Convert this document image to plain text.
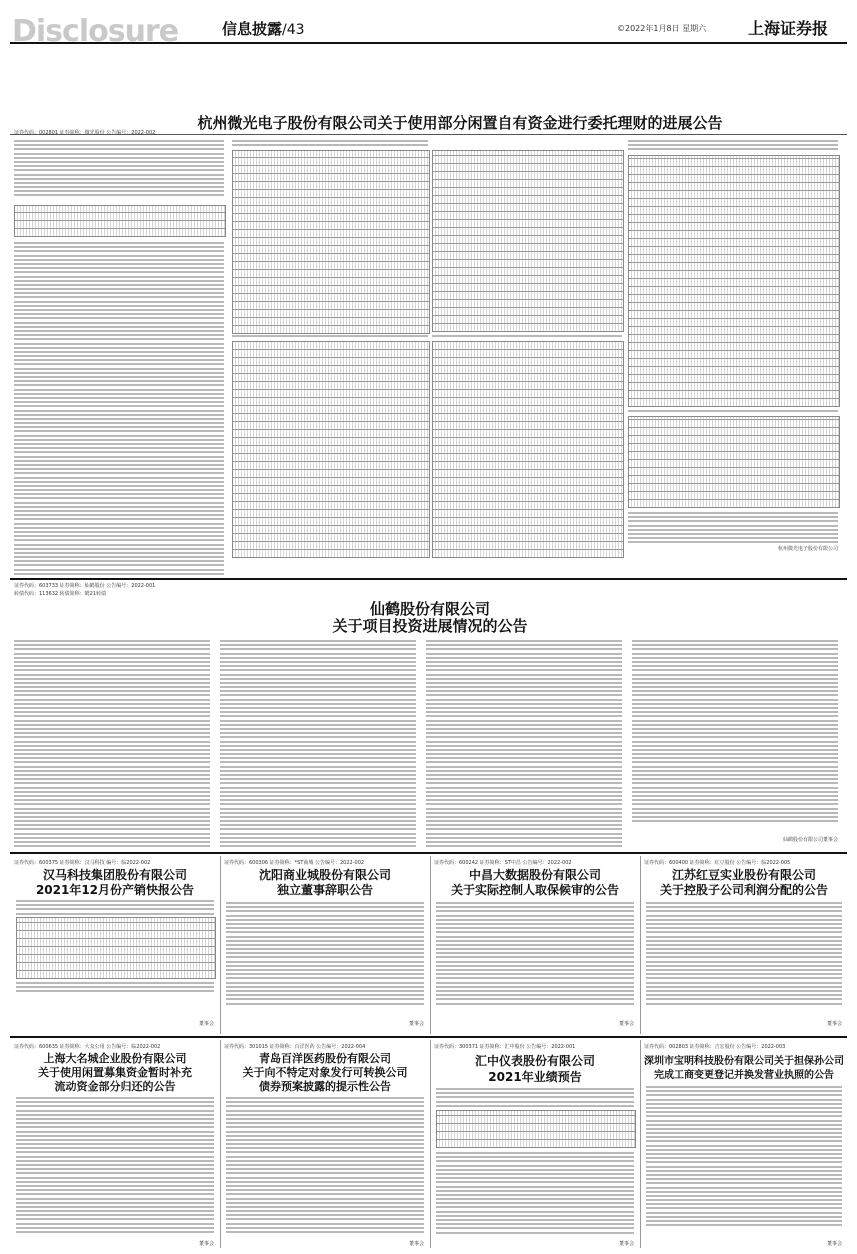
Disclosure	信息披露/43	©2022年1月8日 星期六	上海证券报
证券代码：002801 证券简称：微光股份 公告编号：2022-002
杭州微光电子股份有限公司关于使用部分闲置自有资金进行委托理财的进展公告
杭州微光电子股份有限公司
证券代码：603733 证券简称：仙鹤股份 公告编号：2022-001
转债代码：113632 转债简称：鹤21转债
仙鹤股份有限公司
关于项目投资进展情况的公告
仙鹤股份有限公司董事会
证券代码：600375 证券简称：汉马科技 编号：临2022-002
汉马科技集团股份有限公司
2021年12月份产销快报公告
董事会
证券代码：600306 证券简称：*ST商城 公告编号：2022-002
沈阳商业城股份有限公司
独立董事辞职公告
董事会
证券代码：600242 证券简称：ST中昌 公告编号：2022-002
中昌大数据股份有限公司
关于实际控制人取保候审的公告
董事会
证券代码：600400 证券简称：红豆股份 公告编号：临2022-005
江苏红豆实业股份有限公司
关于控股子公司利润分配的公告
董事会
证券代码：600635 证券简称：大众公用 公告编号：临2022-002
上海大名城企业股份有限公司
关于使用闲置募集资金暂时补充
流动资金部分归还的公告
董事会
证券代码：301015 证券简称：百洋医药 公告编号：2022-004
青岛百洋医药股份有限公司
关于向不特定对象发行可转换公司
债券预案披露的提示性公告
董事会
证券代码：300371 证券简称：汇中股份 公告编号：2022-001
汇中仪表股份有限公司
2021年业绩预告
董事会
证券代码：002803 证券简称：吉宏股份 公告编号：2022-003
深圳市宝明科技股份有限公司关于担保孙公司
完成工商变更登记并换发营业执照的公告
董事会
